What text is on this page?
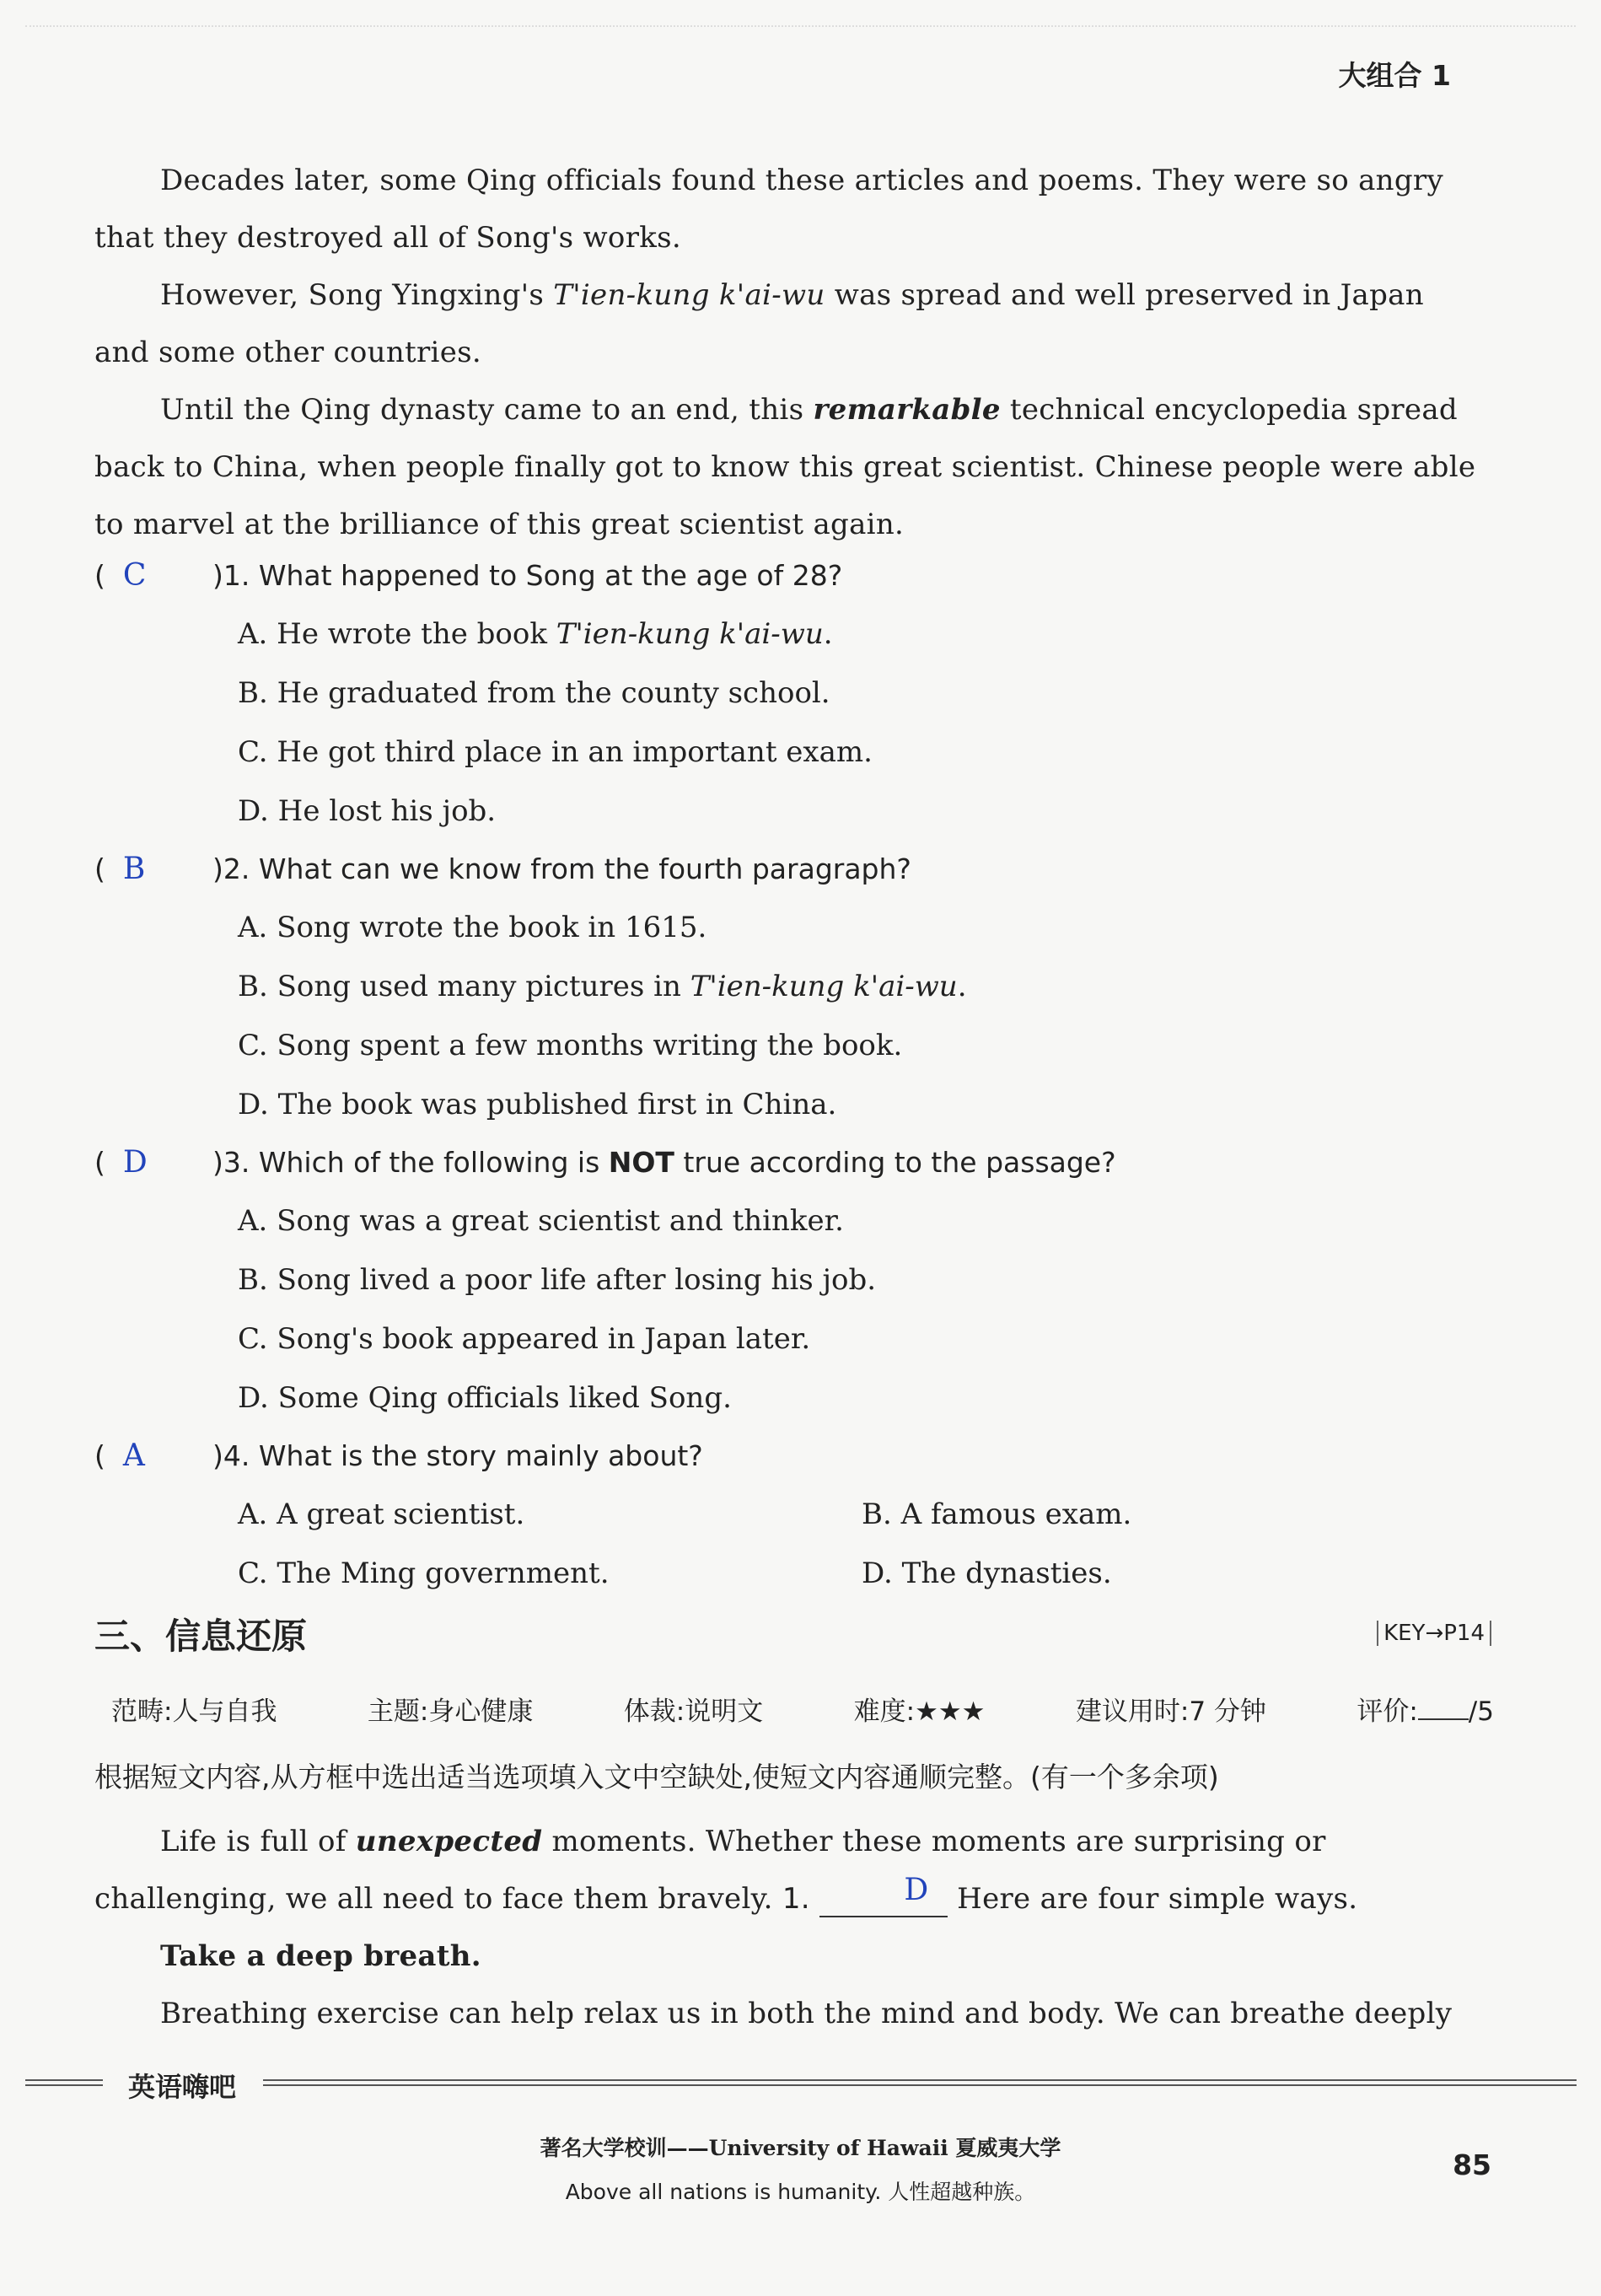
大组合 1

Decades later, some Qing officials found these articles and poems. They were so angry that they destroyed all of Song's works.

However, Song Yingxing's T'ien-kung k'ai-wu was spread and well preserved in Japan and some other countries.

Until the Qing dynasty came to an end, this remarkable technical encyclopedia spread back to China, when people finally got to know this great scientist. Chinese people were able to marvel at the brilliance of this great scientist again.

(  C )1. What happened to Song at the age of 28?
A. He wrote the book T'ien-kung k'ai-wu.
B. He graduated from the county school.
C. He got third place in an important exam.
D. He lost his job.
(  B )2. What can we know from the fourth paragraph?
A. Song wrote the book in 1615.
B. Song used many pictures in T'ien-kung k'ai-wu.
C. Song spent a few months writing the book.
D. The book was published first in China.
(  D )3. Which of the following is NOT true according to the passage?
A. Song was a great scientist and thinker.
B. Song lived a poor life after losing his job.
C. Song's book appeared in Japan later.
D. Some Qing officials liked Song.
(  A )4. What is the story mainly about?
A. A great scientist.	B. A famous exam.
C. The Ming government.	D. The dynasties.
三、信息还原	KEY→P14
范畴:人与自我	主题:身心健康	体裁:说明文	难度:★★★	建议用时:7 分钟	评价: /5
根据短文内容,从方框中选出适当选项填入文中空缺处,使短文内容通顺完整。(有一个多余项)

Life is full of unexpected moments. Whether these moments are surprising or challenging, we all need to face them bravely. 1.	D Here are four simple ways.

Take a deep breath.

Breathing exercise can help relax us in both the mind and body. We can breathe deeply

英语嗨吧
著名大学校训——University of Hawaii 夏威夷大学
Above all nations is humanity. 人性超越种族。
85
